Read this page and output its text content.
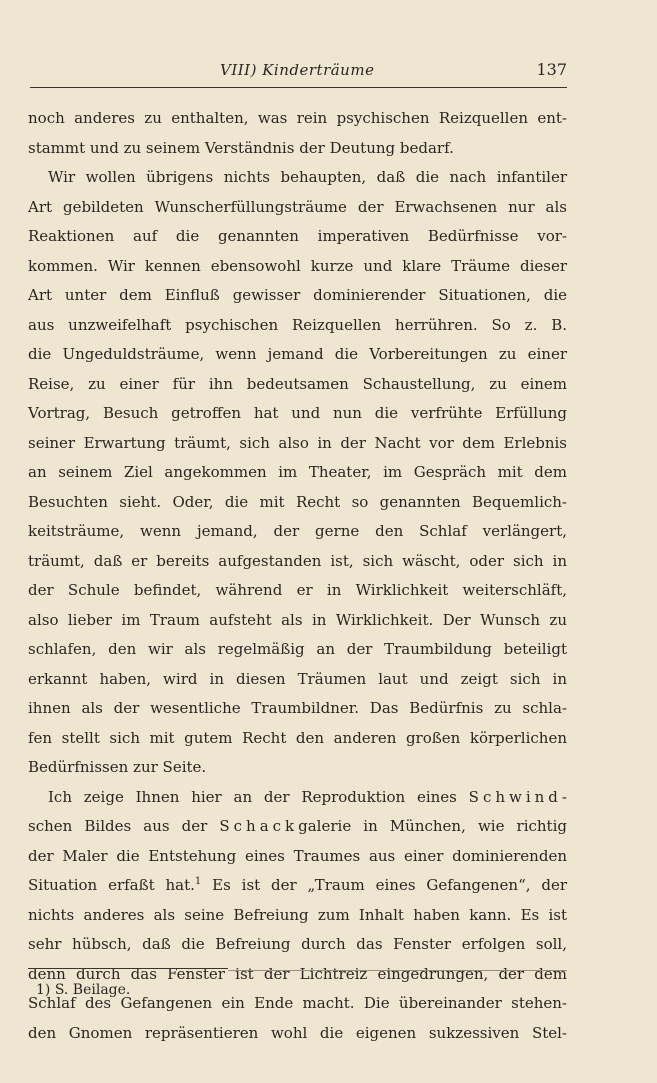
VIII) Kinderträume	137
noch anderes zu enthalten, was rein psychischen Reizquellen ent-
stammt und zu seinem Verständnis der Deutung bedarf.
Wir wollen übrigens nichts behaupten, daß die nach infantiler
Art gebildeten Wunscherfüllungsträume der Erwachsenen nur als
Reaktionen auf die genannten imperativen Bedürfnisse vor-
kommen. Wir kennen ebensowohl kurze und klare Träume dieser
Art unter dem Einfluß gewisser dominierender Situationen, die
aus unzweifelhaft psychischen Reizquellen herrühren. So z. B.
die Ungeduldsträume, wenn jemand die Vorbereitungen zu einer
Reise, zu einer für ihn bedeutsamen Schaustellung, zu einem
Vortrag, Besuch getroffen hat und nun die verfrühte Erfüllung
seiner Erwartung träumt, sich also in der Nacht vor dem Erlebnis
an seinem Ziel angekommen im Theater, im Gespräch mit dem
Besuchten sieht. Oder, die mit Recht so genannten Bequemlich-
keitsträume, wenn jemand, der gerne den Schlaf verlängert,
träumt, daß er bereits aufgestanden ist, sich wäscht, oder sich in
der Schule befindet, während er in Wirklichkeit weiterschläft,
also lieber im Traum aufsteht als in Wirklichkeit. Der Wunsch zu
schlafen, den wir als regelmäßig an der Traumbildung beteiligt
erkannt haben, wird in diesen Träumen laut und zeigt sich in
ihnen als der wesentliche Traumbildner. Das Bedürfnis zu schla-
fen stellt sich mit gutem Recht den anderen großen körperlichen
Bedürfnissen zur Seite.
Ich zeige Ihnen hier an der Reproduktion eines Schwind-
schen Bildes aus der Schackgalerie in München, wie richtig
der Maler die Entstehung eines Traumes aus einer dominierenden
Situation erfaßt hat.$^1$ Es ist der „Traum eines Gefangenen“, der
nichts anderes als seine Befreiung zum Inhalt haben kann. Es ist
sehr hübsch, daß die Befreiung durch das Fenster erfolgen soll,
denn durch das Fenster ist der Lichtreiz eingedrungen, der dem
Schlaf des Gefangenen ein Ende macht. Die übereinander stehen-
den Gnomen repräsentieren wohl die eigenen sukzessiven Stel-
1) S. Beilage.
